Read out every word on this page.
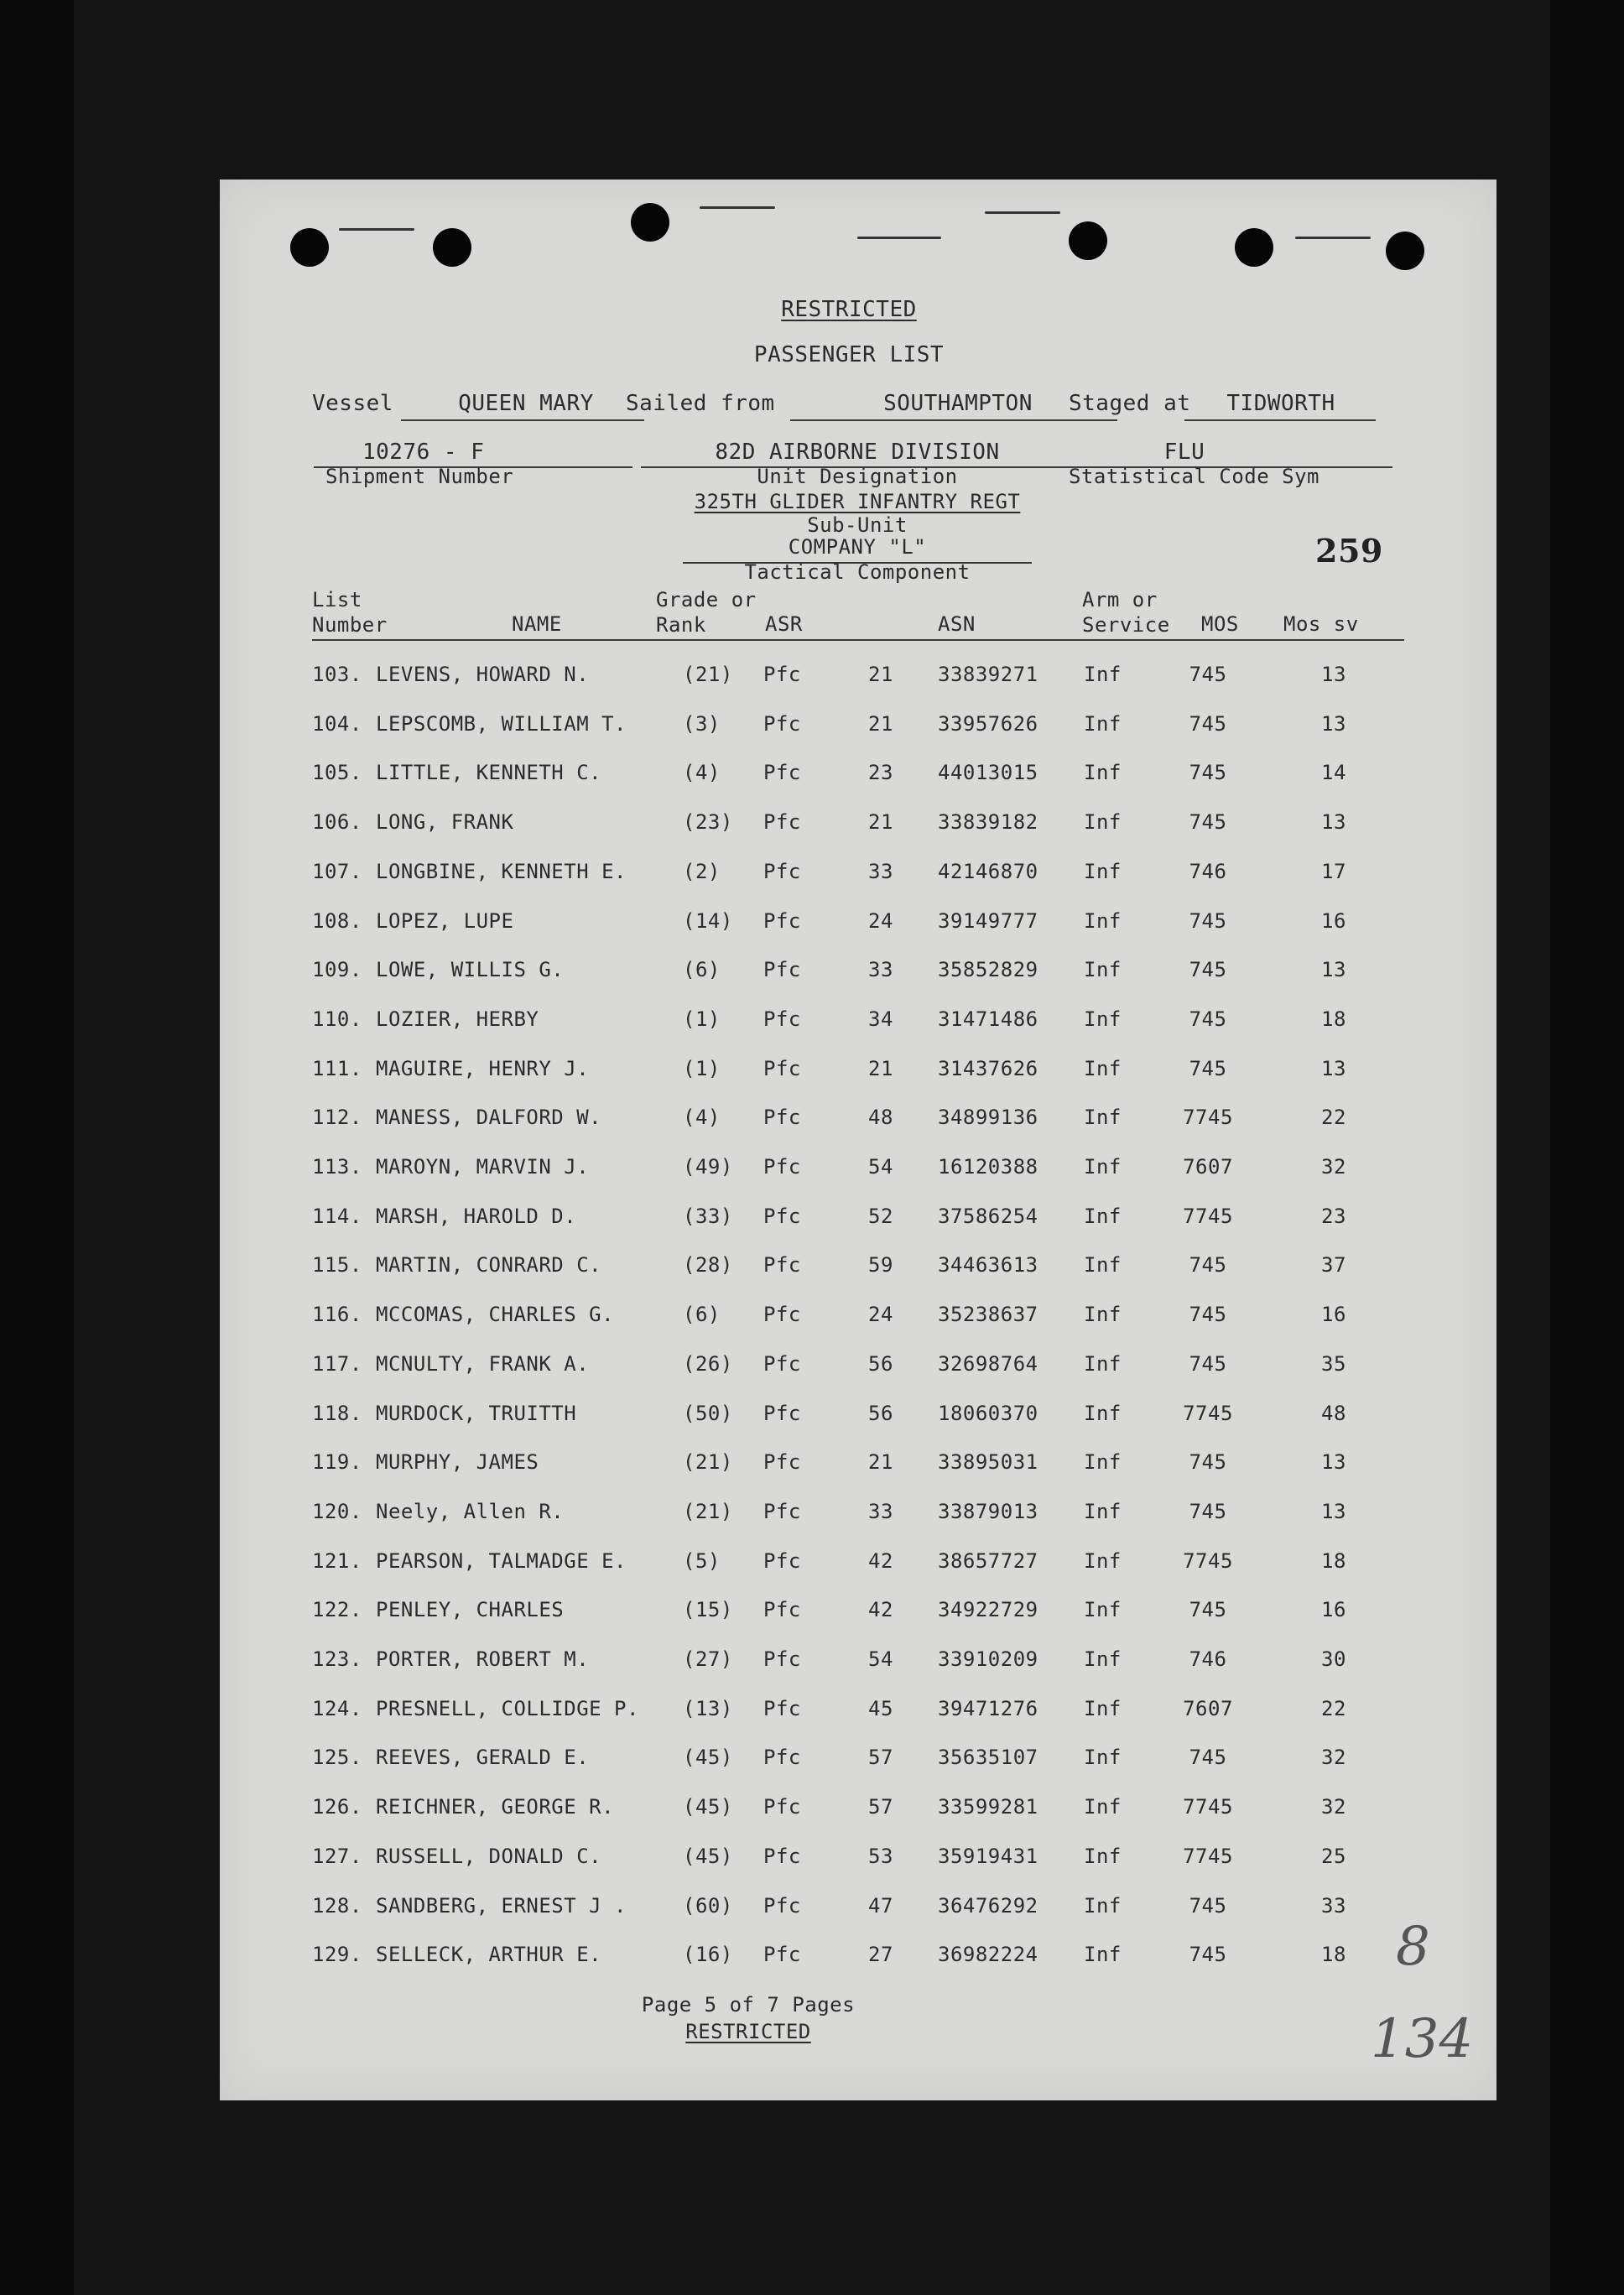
RESTRICTED
PASSENGER LIST
Vessel	QUEEN MARY Sailed from	SOUTHAMPTON Staged at TIDWORTH
10276 - F
Shipment Number
82D AIRBORNE DIVISION
Unit Designation
FLU
Statistical Code Sym
325TH GLIDER INFANTRY REGT
Sub-Unit
COMPANY "L"
Tactical Component
259
List
Number	NAME
Grade or
Rank	ASR	ASN
Arm or
Service MOS Mos sv
103. LEVENS, HOWARD N.	(21) Pfc	21 33839271 Inf	745	13
104. LEPSCOMB, WILLIAM T.	(3) Pfc	21 33957626 Inf	745	13
105. LITTLE, KENNETH C.	(4) Pfc	23 44013015 Inf	745	14
106. LONG, FRANK	(23) Pfc	21 33839182 Inf	745	13
107. LONGBINE, KENNETH E.	(2) Pfc	33 42146870 Inf	746	17
108. LOPEZ, LUPE	(14) Pfc	24 39149777 Inf	745	16
109. LOWE, WILLIS G.	(6) Pfc	33 35852829 Inf	745	13
110. LOZIER, HERBY	(1) Pfc	34 31471486 Inf	745	18
111. MAGUIRE, HENRY J.	(1) Pfc	21 31437626 Inf	745	13
112. MANESS, DALFORD W.	(4) Pfc	48 34899136 Inf	7745	22
113. MAROYN, MARVIN J.	(49) Pfc	54 16120388 Inf	7607	32
114. MARSH, HAROLD D.	(33) Pfc	52 37586254 Inf	7745	23
115. MARTIN, CONRARD C.	(28) Pfc	59 34463613 Inf	745	37
116. MCCOMAS, CHARLES G.	(6) Pfc	24 35238637 Inf	745	16
117. MCNULTY, FRANK A.	(26) Pfc	56 32698764 Inf	745	35
118. MURDOCK, TRUITTH	(50) Pfc	56 18060370 Inf	7745	48
119. MURPHY, JAMES	(21) Pfc	21 33895031 Inf	745	13
120. Neely, Allen R.	(21) Pfc	33 33879013 Inf	745	13
121. PEARSON, TALMADGE E.	(5) Pfc	42 38657727 Inf	7745	18
122. PENLEY, CHARLES	(15) Pfc	42 34922729 Inf	745	16
123. PORTER, ROBERT M.	(27) Pfc	54 33910209 Inf	746	30
124. PRESNELL, COLLIDGE P. (13) Pfc	45 39471276 Inf	7607	22
125. REEVES, GERALD E.	(45) Pfc	57 35635107 Inf	745	32
126. REICHNER, GEORGE R.	(45) Pfc	57 33599281 Inf	7745	32
127. RUSSELL, DONALD C.	(45) Pfc	53 35919431 Inf	7745	25
128. SANDBERG, ERNEST J .	(60) Pfc	47 36476292 Inf	745	33
129. SELLECK, ARTHUR E.	(16) Pfc	27 36982224 Inf	745	18
Page 5 of 7 Pages
RESTRICTED
8
134
